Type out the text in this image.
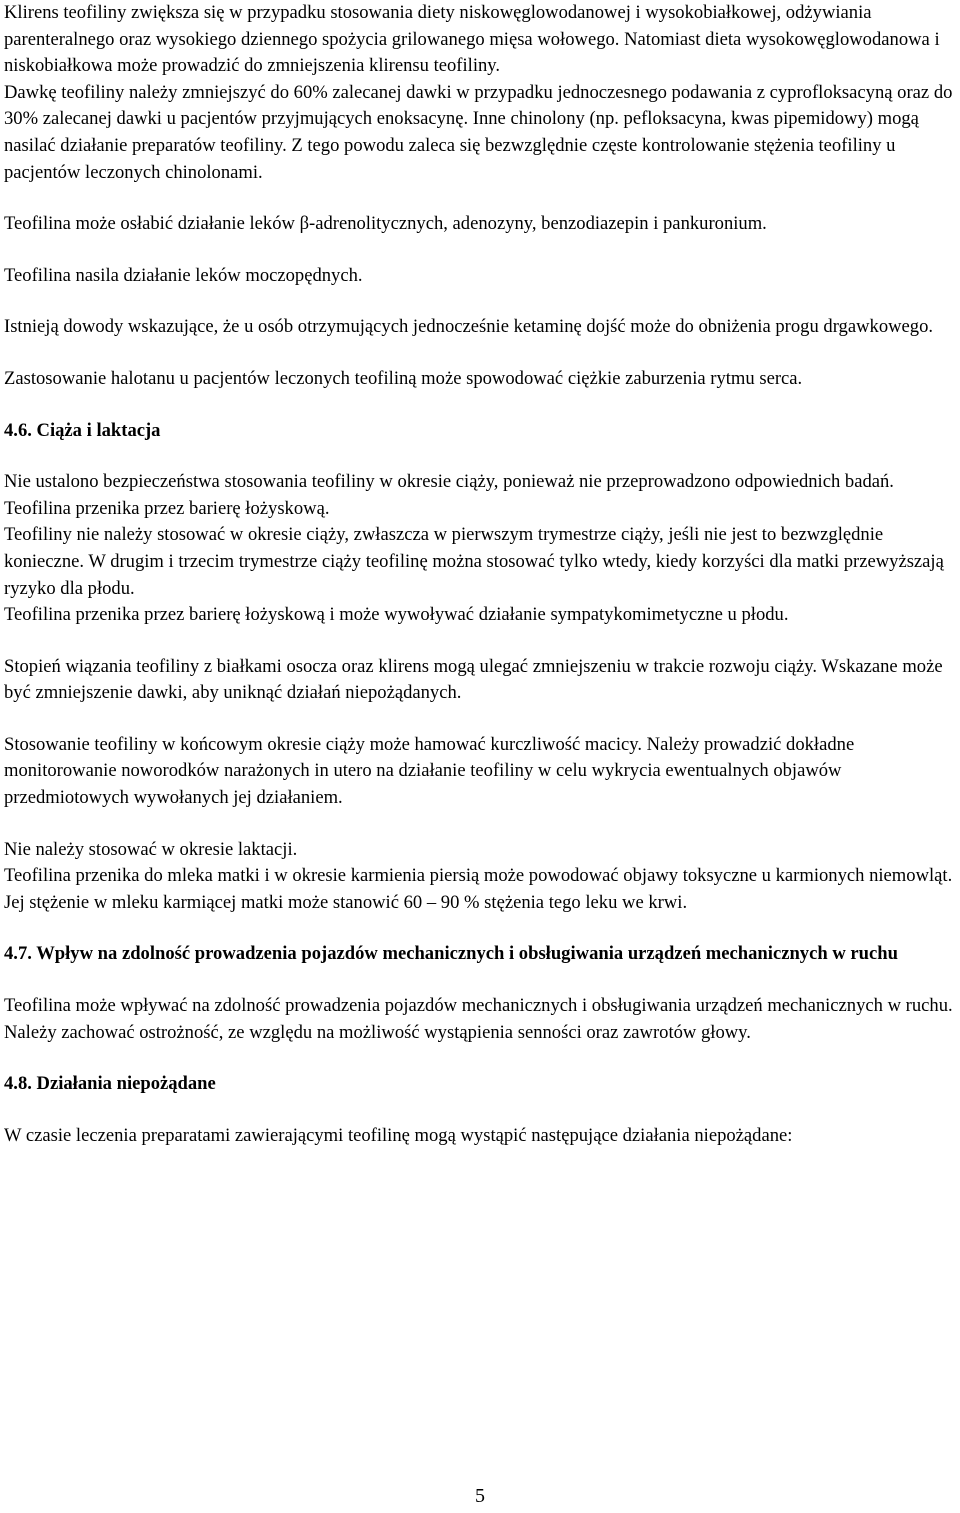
Klirens teofiliny zwiększa się w przypadku stosowania diety niskowęglowodanowej i wysokobiałkowej, odżywiania parenteralnego oraz wysokiego dziennego spożycia grilowanego mięsa wołowego. Natomiast dieta wysokowęglowodanowa i niskobiałkowa może prowadzić do zmniejszenia klirensu teofiliny.

Dawkę teofiliny należy zmniejszyć do 60% zalecanej dawki w przypadku jednoczesnego podawania z cyprofloksacyną oraz do 30% zalecanej dawki u pacjentów przyjmujących enoksacynę. Inne chinolony (np. pefloksacyna, kwas pipemidowy) mogą nasilać działanie preparatów teofiliny. Z tego powodu zaleca się bezwzględnie częste kontrolowanie stężenia teofiliny u pacjentów leczonych chinolonami.

Teofilina może osłabić działanie leków β-adrenolitycznych, adenozyny, benzodiazepin i pankuronium.

Teofilina nasila działanie leków moczopędnych.

Istnieją dowody wskazujące, że u osób otrzymujących jednocześnie ketaminę dojść może do obniżenia progu drgawkowego.

Zastosowanie halotanu u pacjentów leczonych teofiliną może spowodować ciężkie zaburzenia rytmu serca.

4.6. Ciąża i laktacja

Nie ustalono bezpieczeństwa stosowania teofiliny w okresie ciąży, ponieważ nie przeprowadzono odpowiednich badań. Teofilina przenika przez barierę łożyskową.

Teofiliny nie należy stosować w okresie ciąży, zwłaszcza w pierwszym trymestrze ciąży, jeśli nie jest to bezwzględnie konieczne. W drugim i trzecim trymestrze ciąży teofilinę można stosować tylko wtedy, kiedy korzyści dla matki przewyższają ryzyko dla płodu.

Teofilina przenika przez barierę łożyskową i może wywoływać działanie sympatykomimetyczne u płodu.

Stopień wiązania teofiliny z białkami osocza oraz klirens mogą ulegać zmniejszeniu w trakcie rozwoju ciąży. Wskazane może być zmniejszenie dawki, aby uniknąć działań niepożądanych.

Stosowanie teofiliny w końcowym okresie ciąży może hamować kurczliwość macicy. Należy prowadzić dokładne monitorowanie noworodków narażonych in utero na działanie teofiliny w celu wykrycia ewentualnych objawów przedmiotowych wywołanych jej działaniem.

Nie należy stosować w okresie laktacji.

Teofilina przenika do mleka matki i w okresie karmienia piersią może powodować objawy toksyczne u karmionych niemowląt. Jej stężenie w mleku karmiącej matki może stanowić 60 – 90 % stężenia tego leku we krwi.

4.7. Wpływ na zdolność prowadzenia pojazdów mechanicznych i obsługiwania urządzeń mechanicznych w ruchu

Teofilina może wpływać na zdolność prowadzenia pojazdów mechanicznych i obsługiwania urządzeń mechanicznych w ruchu. Należy zachować ostrożność, ze względu na możliwość wystąpienia senności oraz zawrotów głowy.

4.8. Działania niepożądane

W czasie leczenia preparatami zawierającymi teofilinę mogą wystąpić następujące działania niepożądane:

5
